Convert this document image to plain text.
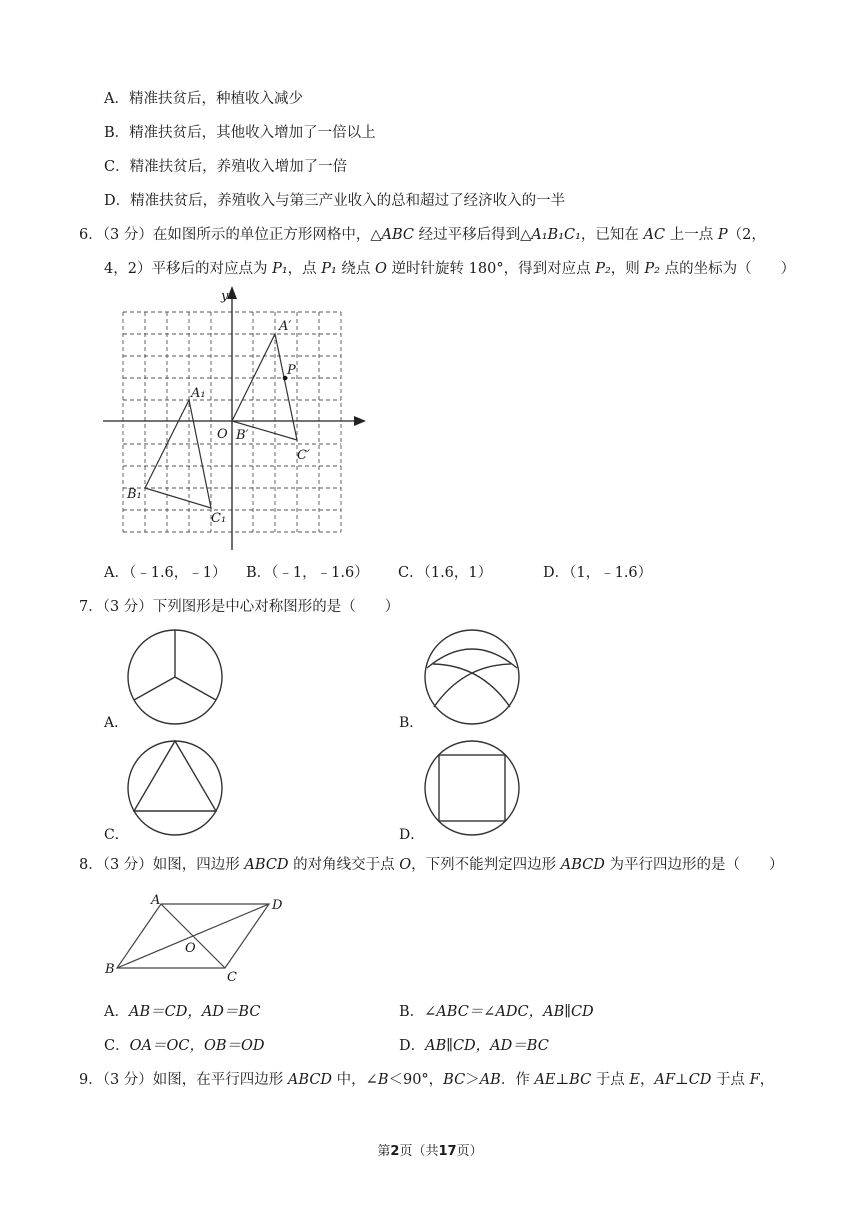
A．精准扶贫后，种植收入减少
B．精准扶贫后，其他收入增加了一倍以上
C．精准扶贫后，养殖收入增加了一倍
D．精准扶贫后，养殖收入与第三产业收入的总和超过了经济收入的一半
6．（3 分）在如图所示的单位正方形网格中，△ABC 经过平移后得到△A₁B₁C₁，已知在 AC 上一点 P（2，
4，2）平移后的对应点为 P₁，点 P₁ 绕点 O 逆时针旋转 180°，得到对应点 P₂，则 P₂ 点的坐标为（　　）
y
A′
P
A₁
O B′
C′
B₁
C₁
A．（﹣1.6，﹣1） B．（﹣1，﹣1.6） C．（1.6，1）	D．（1，﹣1.6）
7．（3 分）下列图形是中心对称图形的是（　　）
A．	B．
C．	D．
8．（3 分）如图，四边形 ABCD 的对角线交于点 O，下列不能判定四边形 ABCD 为平行四边形的是（　　）
A	D
O
B
C
A．AB＝CD，AD＝BC	B．∠ABC＝∠ADC，AB∥CD
C．OA＝OC，OB＝OD	D．AB∥CD，AD＝BC
9．（3 分）如图，在平行四边形 ABCD 中，∠B＜90°，BC＞AB．作 AE⊥BC 于点 E，AF⊥CD 于点 F，
第2页（共17页）
